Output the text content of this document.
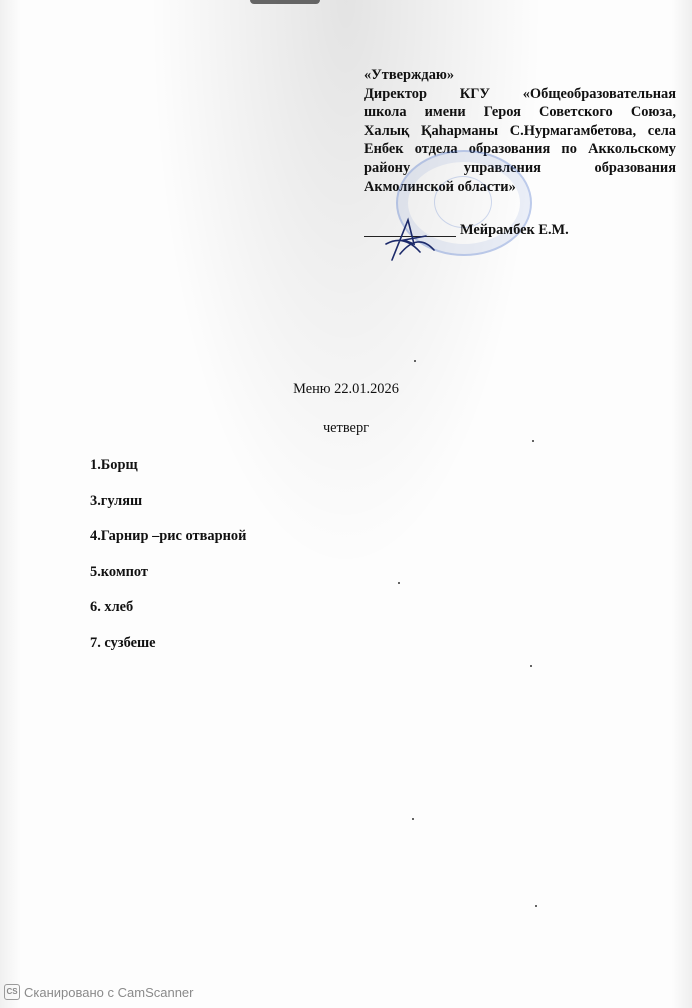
«Утверждаю»
Директор КГУ «Общеобразовательная
школа имени Героя Советского Союза,
Халық Қаһарманы С.Нурмагамбетова, села
Енбек отдела образования по Аккольскому
району управления образования
Акмолинской области»
Мейрамбек Е.М.
Меню 22.01.2026
четверг
1.Борщ
3.гуляш
4.Гарнир –рис отварной
5.компот
6. хлеб
7. сузбеше
CS Сканировано с CamScanner
